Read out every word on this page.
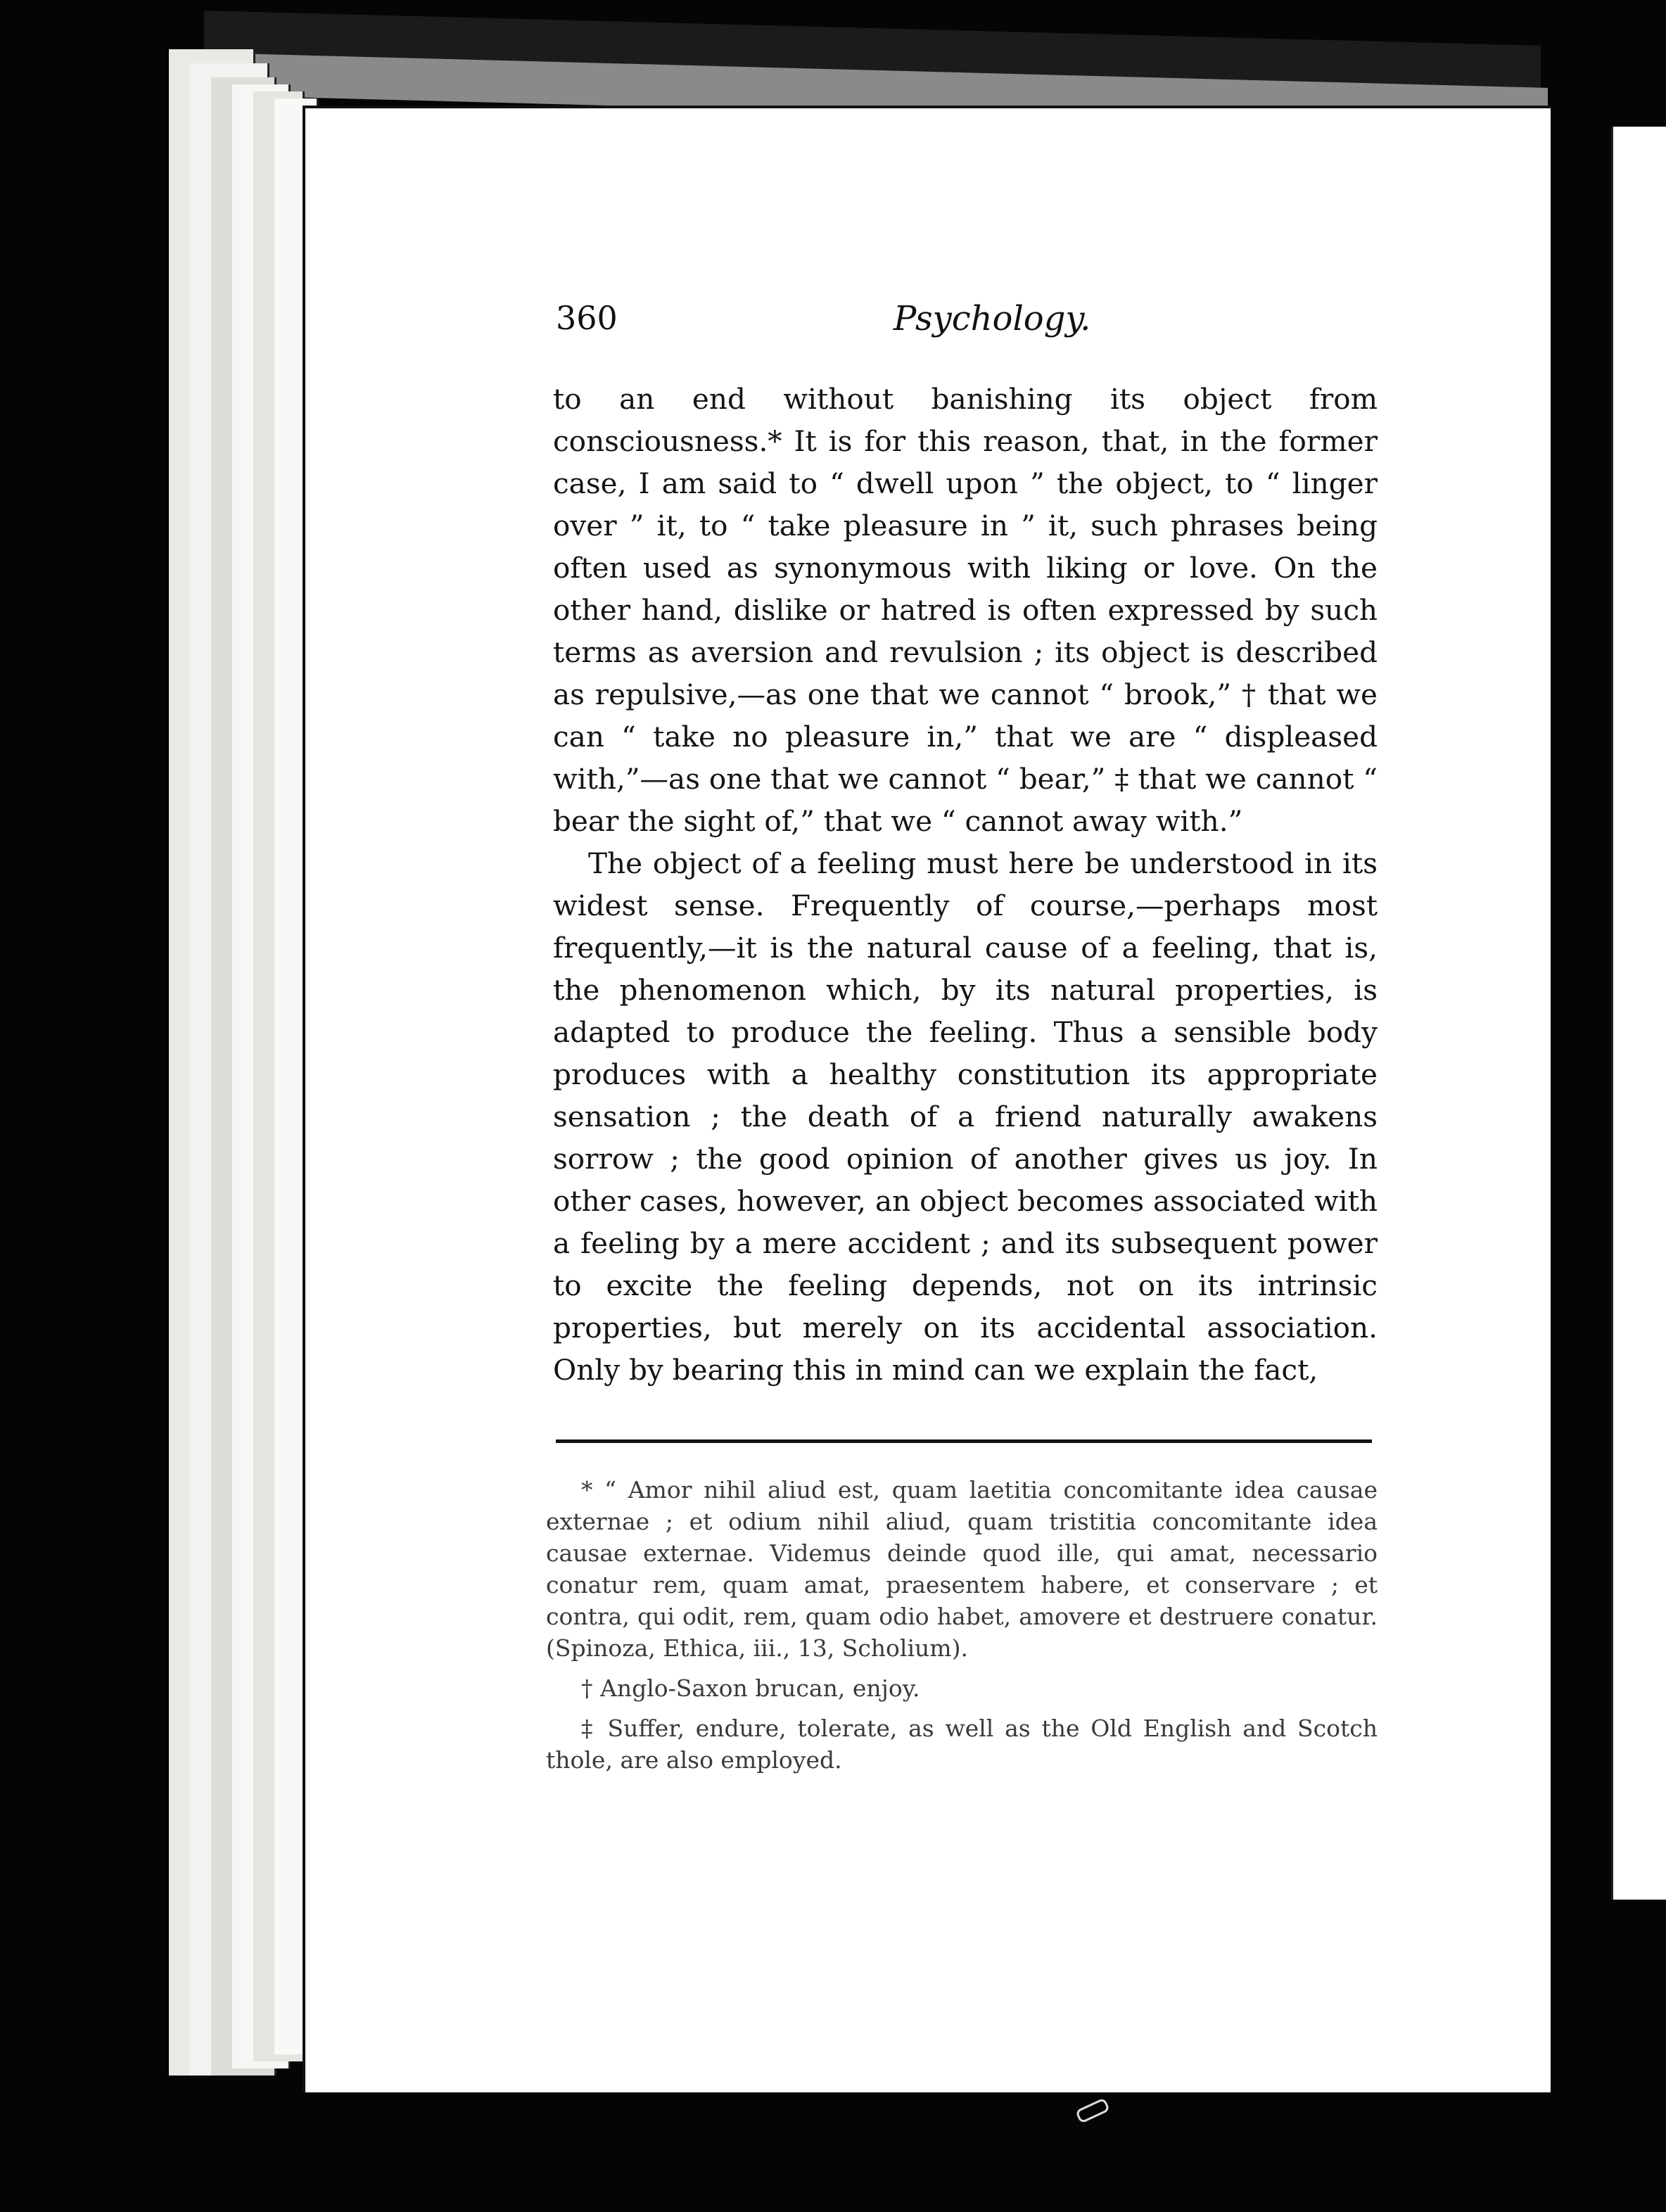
360	Psychology.

to an end without banishing its object from consciousness.* It is for this reason, that, in the former case, I am said to “ dwell upon ” the object, to “ linger over ” it, to “ take pleasure in ” it, such phrases being often used as synonymous with liking or love. On the other hand, dislike or hatred is often expressed by such terms as aversion and revulsion ; its object is described as repulsive,—as one that we cannot “ brook,” † that we can “ take no pleasure in,” that we are “ displeased with,”—as one that we cannot “ bear,” ‡ that we cannot “ bear the sight of,” that we “ cannot away with.”

The object of a feeling must here be understood in its widest sense. Frequently of course,—perhaps most frequently,—it is the natural cause of a feeling, that is, the phenomenon which, by its natural properties, is adapted to produce the feeling. Thus a sensible body produces with a healthy constitution its appropriate sensation ; the death of a friend naturally awakens sorrow ; the good opinion of another gives us joy. In other cases, however, an object becomes associated with a feeling by a mere accident ; and its subsequent power to excite the feeling depends, not on its intrinsic properties, but merely on its accidental association. Only by bearing this in mind can we explain the fact,

* “ Amor nihil aliud est, quam laetitia concomitante idea causae externae ; et odium nihil aliud, quam tristitia concomitante idea causae externae. Videmus deinde quod ille, qui amat, necessario conatur rem, quam amat, praesentem habere, et conservare ; et contra, qui odit, rem, quam odio habet, amovere et destruere conatur. (Spinoza, Ethica, iii., 13, Scholium).

† Anglo-Saxon brucan, enjoy.

‡ Suffer, endure, tolerate, as well as the Old English and Scotch thole, are also employed.
